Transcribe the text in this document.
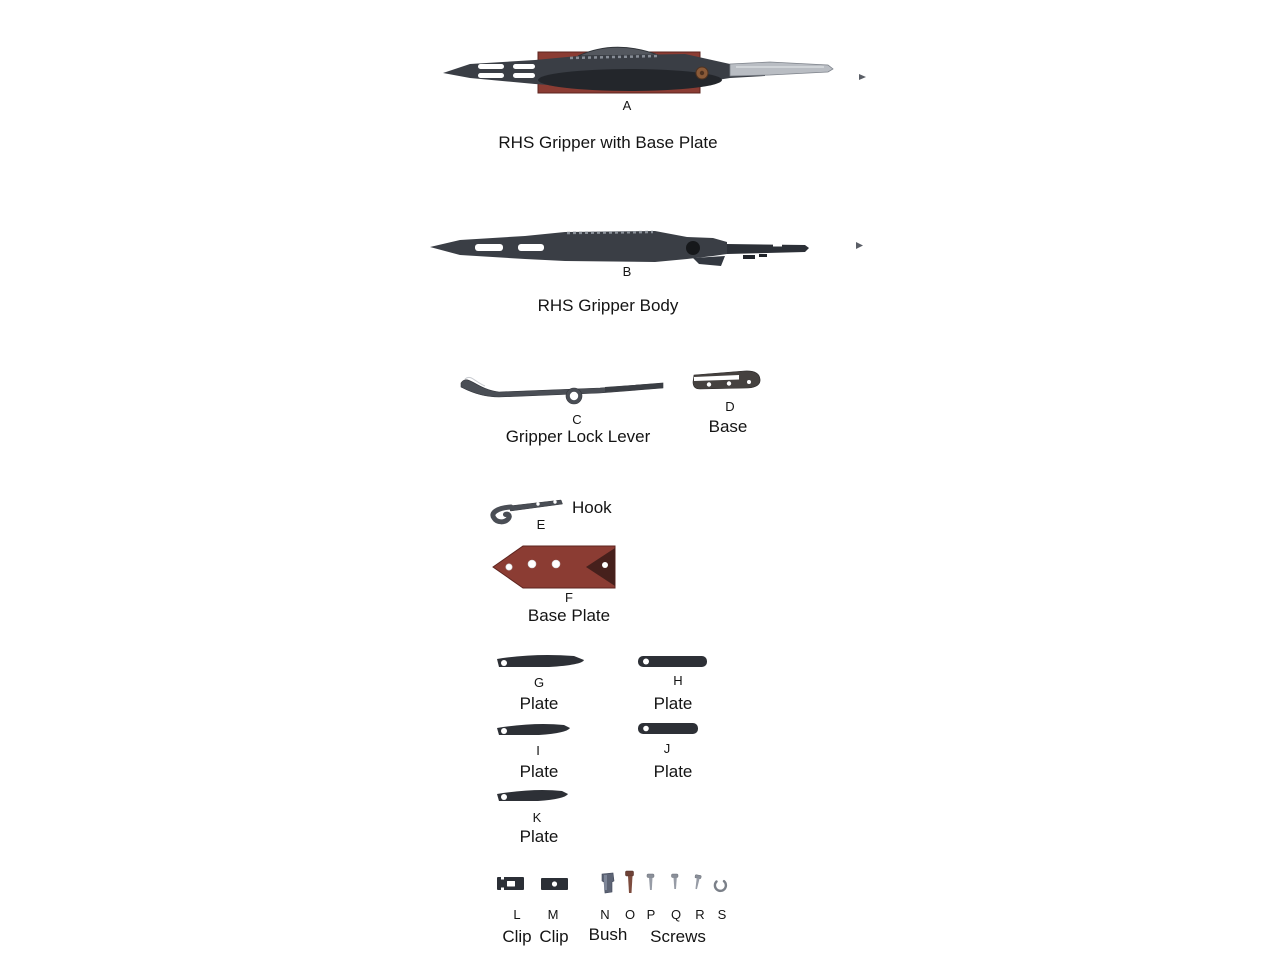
A
RHS Gripper with Base Plate
B
RHS Gripper Body
C
Gripper Lock Lever
D
Base
Hook
E
F
Base Plate
G
Plate
H
Plate
I
Plate
J
Plate
K
Plate
L M	N O P Q R S
Clip Clip Bush Screws
